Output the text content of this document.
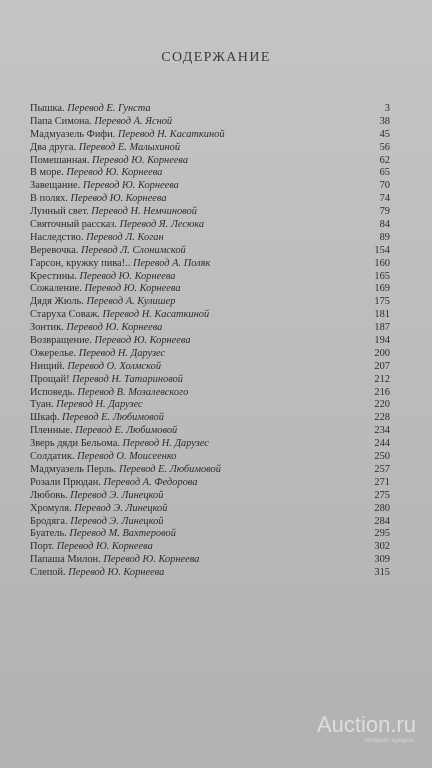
СОДЕРЖАНИЕ
Пышка. Перевод Е. Гунста	3
Папа Симона. Перевод А. Ясной	38
Мадмуазель Фифи. Перевод Н. Касаткиной	45
Два друга. Перевод Е. Малыхиной	56
Помешанная. Перевод Ю. Корнеева	62
В море. Перевод Ю. Корнеева	65
Завещание. Перевод Ю. Корнеева	70
В полях. Перевод Ю. Корнеева	74
Лунный свет. Перевод Н. Немчиновой	79
Святочный рассказ. Перевод Я. Лесюка	84
Наследство. Перевод Л. Коган	89
Веревочка. Перевод Л. Слонимской	154
Гарсон, кружку пива!.. Перевод А. Поляк	160
Крестины. Перевод Ю. Корнеева	165
Сожаление. Перевод Ю. Корнеева	169
Дядя Жюль. Перевод А. Кулишер	175
Старуха Соваж. Перевод Н. Касаткиной	181
Зонтик. Перевод Ю. Корнеева	187
Возвращение. Перевод Ю. Корнеева	194
Ожерелье. Перевод Н. Дарузес	200
Нищий. Перевод О. Холмской	207
Прощай! Перевод Н. Татариновой	212
Исповедь. Перевод В. Мозалевского	216
Туан. Перевод Н. Дарузес	220
Шкаф. Перевод Е. Любимовой	228
Пленные. Перевод Е. Любимовой	234
Зверь дяди Бельома. Перевод Н. Дарузес	244
Солдатик. Перевод О. Моисеенко	250
Мадмуазель Перль. Перевод Е. Любимовой	257
Розали Прюдан. Перевод А. Федорова	271
Любовь. Перевод Э. Линецкой	275
Хромуля. Перевод Э. Линецкой	280
Бродяга. Перевод Э. Линецкой	284
Буатель. Перевод М. Вахтеровой	295
Порт. Перевод Ю. Корнеева	302
Папаша Милон. Перевод Ю. Корнеева	309
Слепой. Перевод Ю. Корнеева	315
Auction.ru
интернет-аукцион
